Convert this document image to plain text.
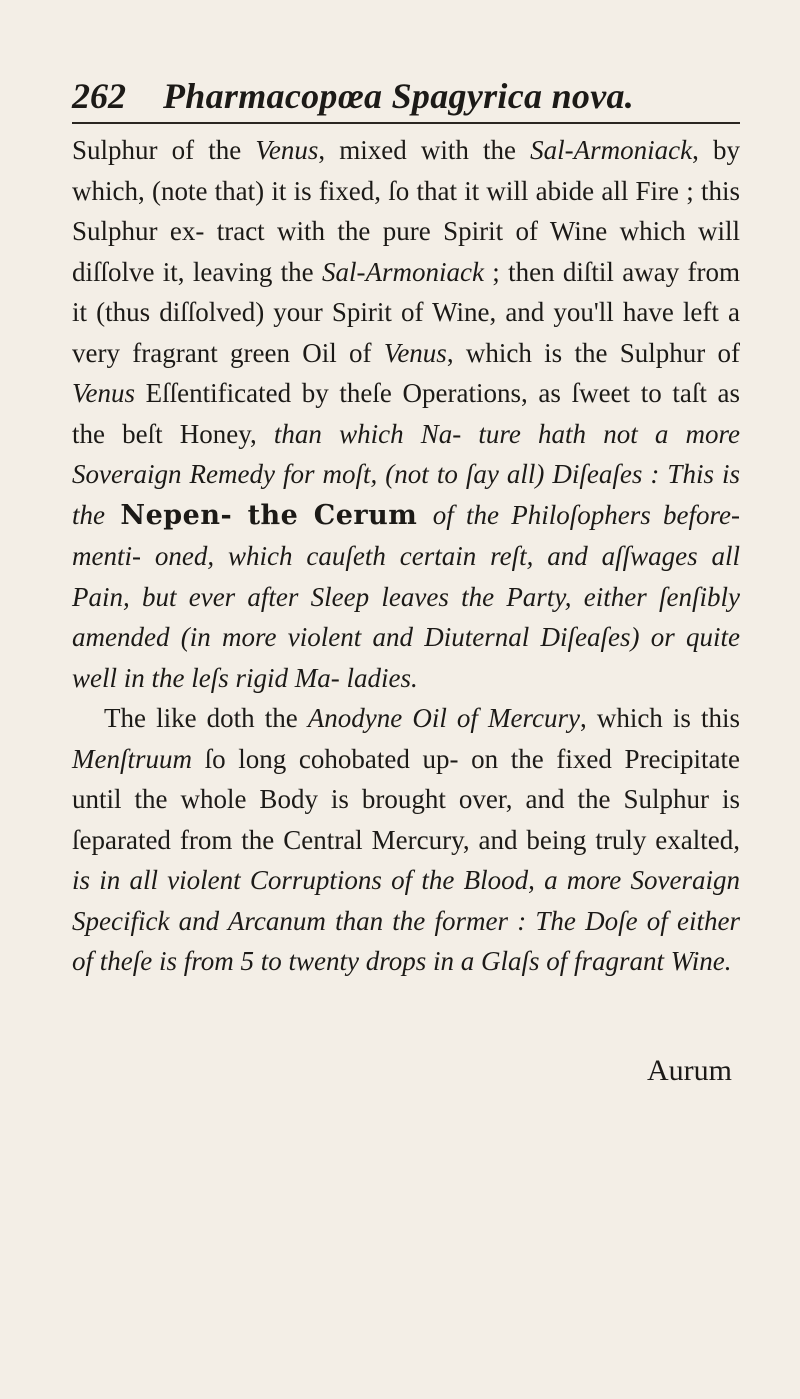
262 Pharmacopœa Spagyrica nova.

Sulphur of the Venus, mixed with the Sal-Armoniack, by which, (note that) it is fixed, ſo that it will abide all Fire ; this Sulphur ex- tract with the pure Spirit of Wine which will diſſolve it, leaving the Sal-Armoniack ; then diſtil away from it (thus diſſolved) your Spirit of Wine, and you'll have left a very fragrant green Oil of Venus, which is the Sulphur of Venus Eſſentificated by theſe Operations, as ſweet to taſt as the beſt Honey, than which Na- ture hath not a more Soveraign Remedy for moſt, (not to ſay all) Diſeaſes : This is the Nepen- the Cerum of the Philoſophers before-menti- oned, which cauſeth certain reſt, and aſſwages all Pain, but ever after Sleep leaves the Party, either ſenſibly amended (in more violent and Diuternal Diſeaſes) or quite well in the leſs rigid Ma- ladies.

The like doth the Anodyne Oil of Mercury, which is this Menſtruum ſo long cohobated up- on the fixed Precipitate until the whole Body is brought over, and the Sulphur is ſeparated from the Central Mercury, and being truly exalted, is in all violent Corruptions of the Blood, a more Soveraign Specifick and Arcanum than the former : The Doſe of either of theſe is from 5 to twenty drops in a Glaſs of fragrant Wine.

Aurum
